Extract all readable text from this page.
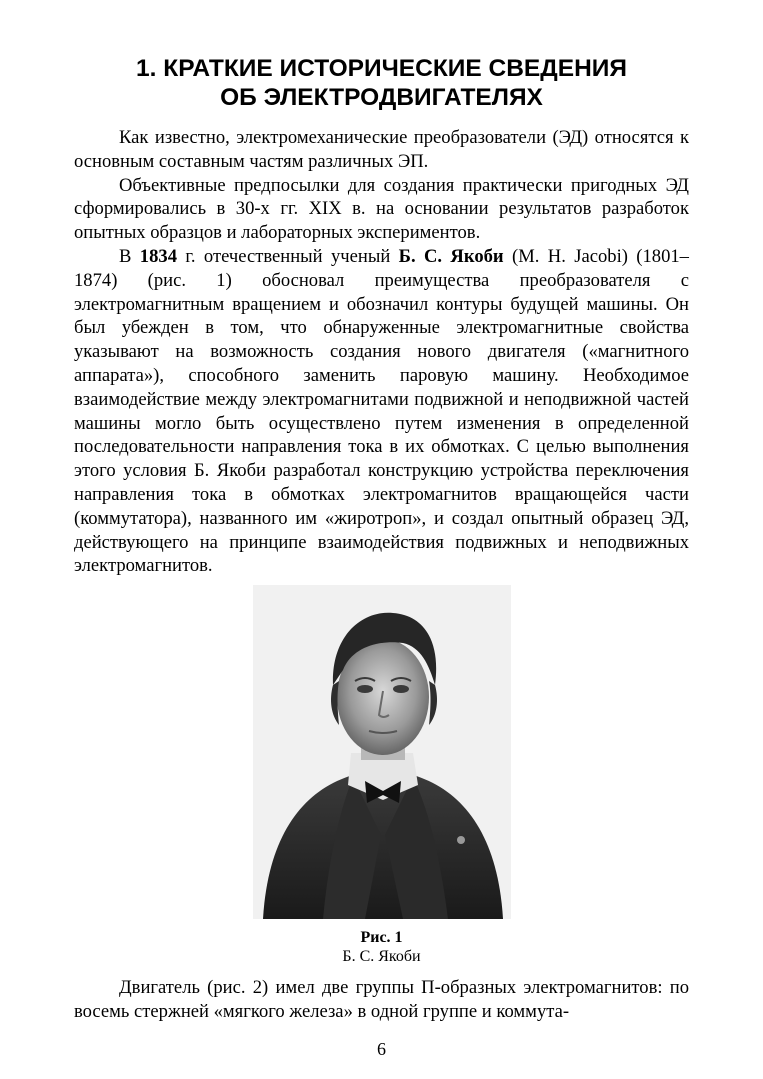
1. КРАТКИЕ ИСТОРИЧЕСКИЕ СВЕДЕНИЯ
ОБ ЭЛЕКТРОДВИГАТЕЛЯХ

Как известно, электромеханические преобразователи (ЭД) относятся к основным составным частям различных ЭП.

Объективные предпосылки для создания практически пригодных ЭД сформировались в 30-х гг. XIX в. на основании результатов разработок опытных образцов и лабораторных экспериментов.

В 1834 г. отечественный ученый Б. С. Якоби (M. H. Jacobi) (1801–1874) (рис. 1) обосновал преимущества преобразователя с электромагнитным вращением и обозначил контуры будущей машины. Он был убежден в том, что обнаруженные электромагнитные свойства указывают на возможность создания нового двигателя («магнитного аппарата»), способного заменить паровую машину. Необходимое взаимодействие между электромагнитами подвижной и неподвижной частей машины могло быть осуществлено путем изменения в определенной последовательности направления тока в их обмотках. С целью выполнения этого условия Б. Якоби разработал конструкцию устройства переключения направления тока в обмотках электромагнитов вращающейся части (коммутатора), названного им «жиротроп», и создал опытный образец ЭД, действующего на принципе взаимодействия подвижных и неподвижных электромагнитов.

Рис. 1
Б. С. Якоби

Двигатель (рис. 2) имел две группы П-образных электромагнитов: по восемь стержней «мягкого железа» в одной группе и коммута-

6
